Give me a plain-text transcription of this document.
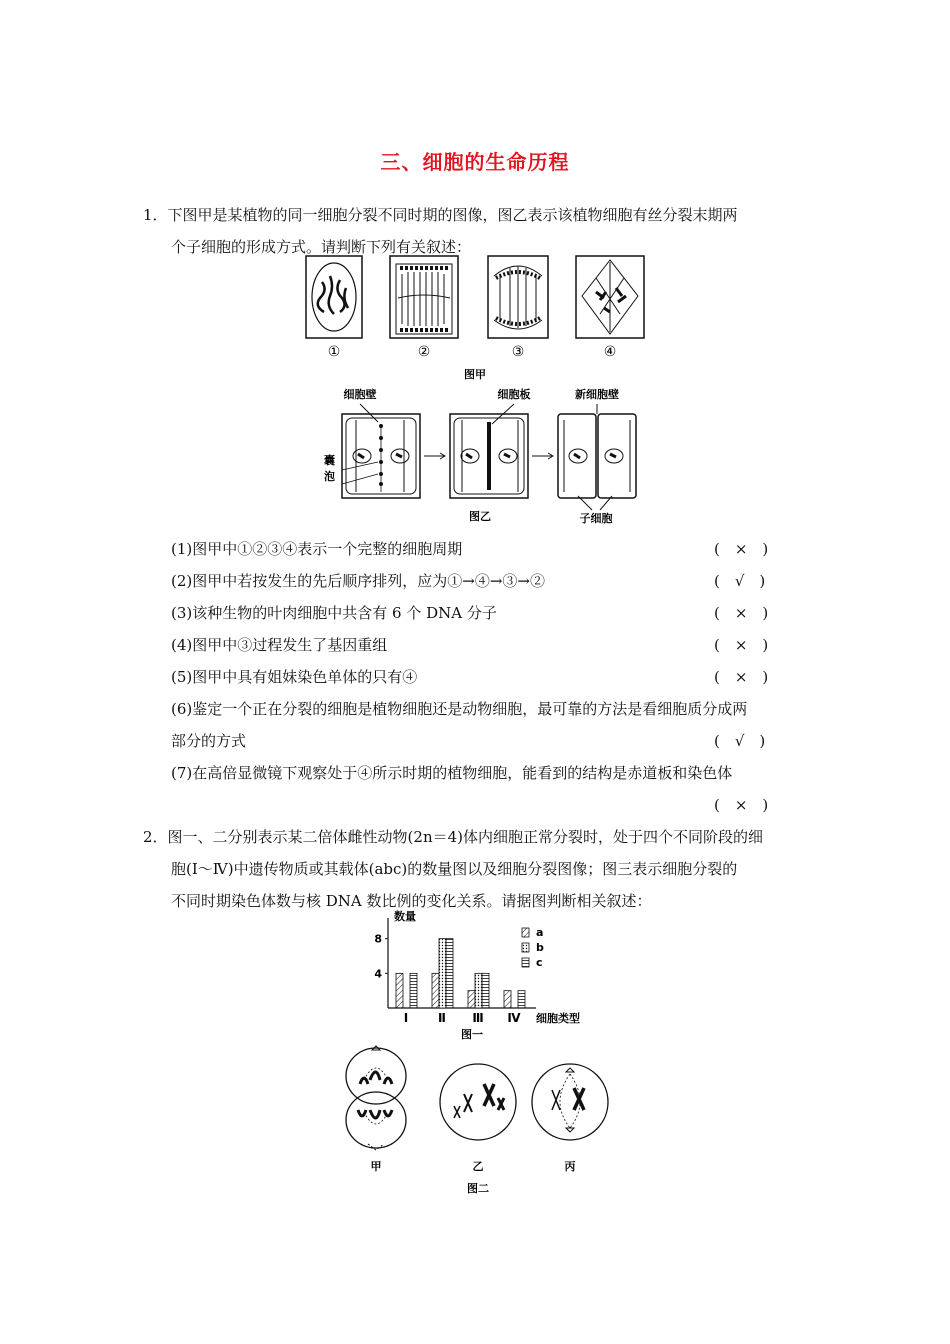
三、细胞的生命历程
1．下图甲是某植物的同一细胞分裂不同时期的图像，图乙表示该植物细胞有丝分裂末期两
个子细胞的形成方式。请判断下列有关叙述：
①	②	③	④
图甲
细胞壁	细胞板	新细胞壁
囊
泡
图乙	子细胞
(1)图甲中①②③④表示一个完整的细胞周期	(　×　)
(2)图甲中若按发生的先后顺序排列，应为①→④→③→②	(　√　)
(3)该种生物的叶肉细胞中共含有 6 个 DNA 分子	(　×　)
(4)图甲中③过程发生了基因重组	(　×　)
(5)图甲中具有姐妹染色单体的只有④	(　×　)
(6)鉴定一个正在分裂的细胞是植物细胞还是动物细胞，最可靠的方法是看细胞质分成两
部分的方式	(　√　)
(7)在高倍显微镜下观察处于④所示时期的植物细胞，能看到的结构是赤道板和染色体
(　×　)
2．图一、二分别表示某二倍体雌性动物(2n＝4)体内细胞正常分裂时，处于四个不同阶段的细
胞(Ⅰ～Ⅳ)中遗传物质或其载体(abc)的数量图以及细胞分裂图像；图三表示细胞分裂的
不同时期染色体数与核 DNA 数比例的变化关系。请据图判断相关叙述：
数量
细胞类型
4
8
Ⅰ Ⅱ Ⅲ Ⅳ
a
b
c
图一
甲	乙	丙
图二
